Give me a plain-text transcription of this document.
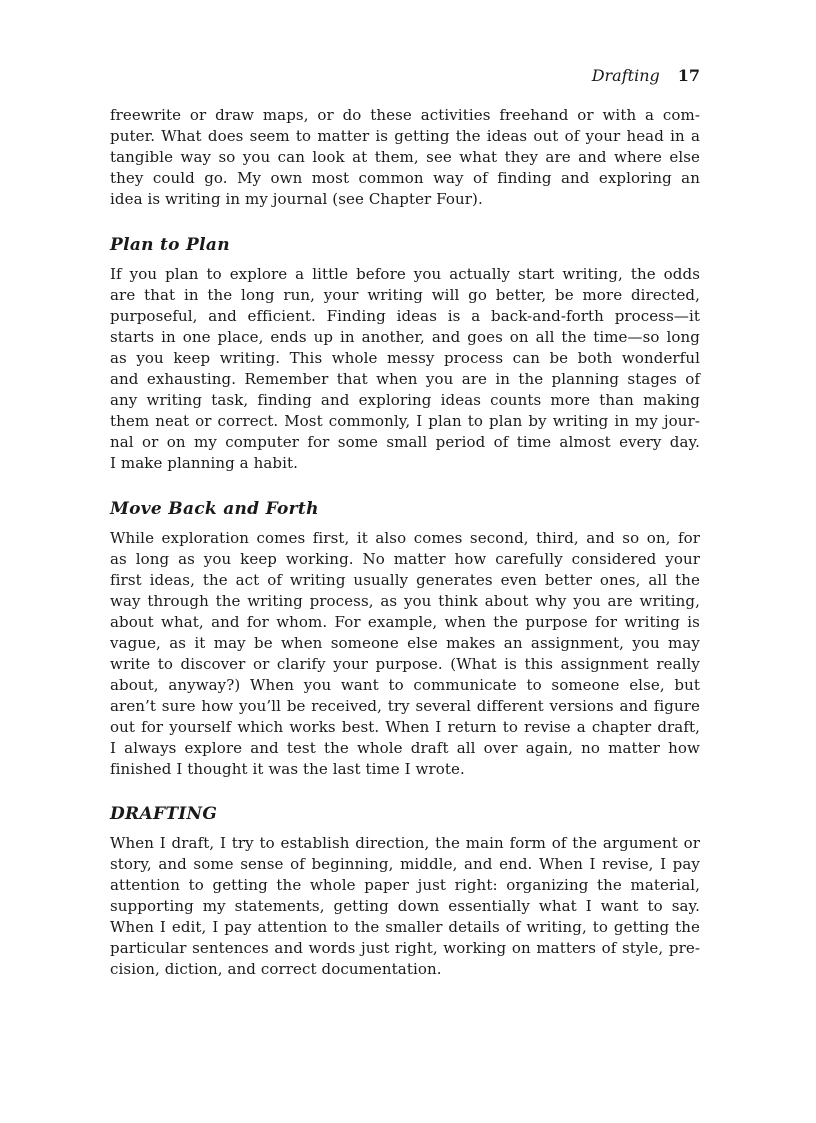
Drafting 17

freewrite or draw maps, or do these activities freehand or with a com-

puter. What does seem to matter is getting the ideas out of your head in a

tangible way so you can look at them, see what they are and where else

they could go. My own most common way of finding and exploring an

idea is writing in my journal (see Chapter Four).

Plan to Plan

If you plan to explore a little before you actually start writing, the odds

are that in the long run, your writing will go better, be more directed,

purposeful, and efficient. Finding ideas is a back-and-forth process—it

starts in one place, ends up in another, and goes on all the time—so long

as you keep writing. This whole messy process can be both wonderful

and exhausting. Remember that when you are in the planning stages of

any writing task, finding and exploring ideas counts more than making

them neat or correct. Most commonly, I plan to plan by writing in my jour-

nal or on my computer for some small period of time almost every day.

I make planning a habit.

Move Back and Forth

While exploration comes first, it also comes second, third, and so on, for

as long as you keep working. No matter how carefully considered your

first ideas, the act of writing usually generates even better ones, all the

way through the writing process, as you think about why you are writing,

about what, and for whom. For example, when the purpose for writing is

vague, as it may be when someone else makes an assignment, you may

write to discover or clarify your purpose. (What is this assignment really

about, anyway?) When you want to communicate to someone else, but

aren’t sure how you’ll be received, try several different versions and figure

out for yourself which works best. When I return to revise a chapter draft,

I always explore and test the whole draft all over again, no matter how

finished I thought it was the last time I wrote.

DRAFTING

When I draft, I try to establish direction, the main form of the argument or

story, and some sense of beginning, middle, and end. When I revise, I pay

attention to getting the whole paper just right: organizing the material,

supporting my statements, getting down essentially what I want to say.

When I edit, I pay attention to the smaller details of writing, to getting the

particular sentences and words just right, working on matters of style, pre-

cision, diction, and correct documentation.
